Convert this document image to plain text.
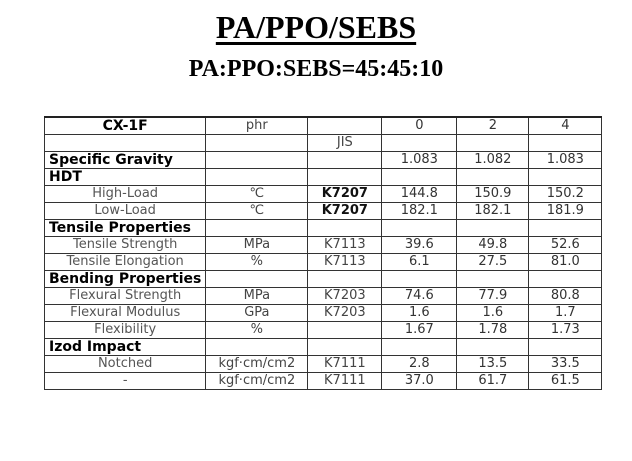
PA/PPO/SEBS
PA:PPO:SEBS=45:45:10
CX-1F	phr		0	2	4
		JIS			
Specific Gravity			1.083	1.082	1.083
HDT					
High-Load	℃	K7207	144.8	150.9	150.2
Low-Load	℃	K7207	182.1	182.1	181.9
Tensile Properties					
Tensile Strength	MPa	K7113	39.6	49.8	52.6
Tensile Elongation	%	K7113	6.1	27.5	81.0
Bending Properties					
Flexural Strength	MPa	K7203	74.6	77.9	80.8
Flexural Modulus	GPa	K7203	1.6	1.6	1.7
Flexibility	%		1.67	1.78	1.73
Izod Impact					
Notched	kgf·cm/cm2	K7111	2.8	13.5	33.5
-	kgf·cm/cm2	K7111	37.0	61.7	61.5
